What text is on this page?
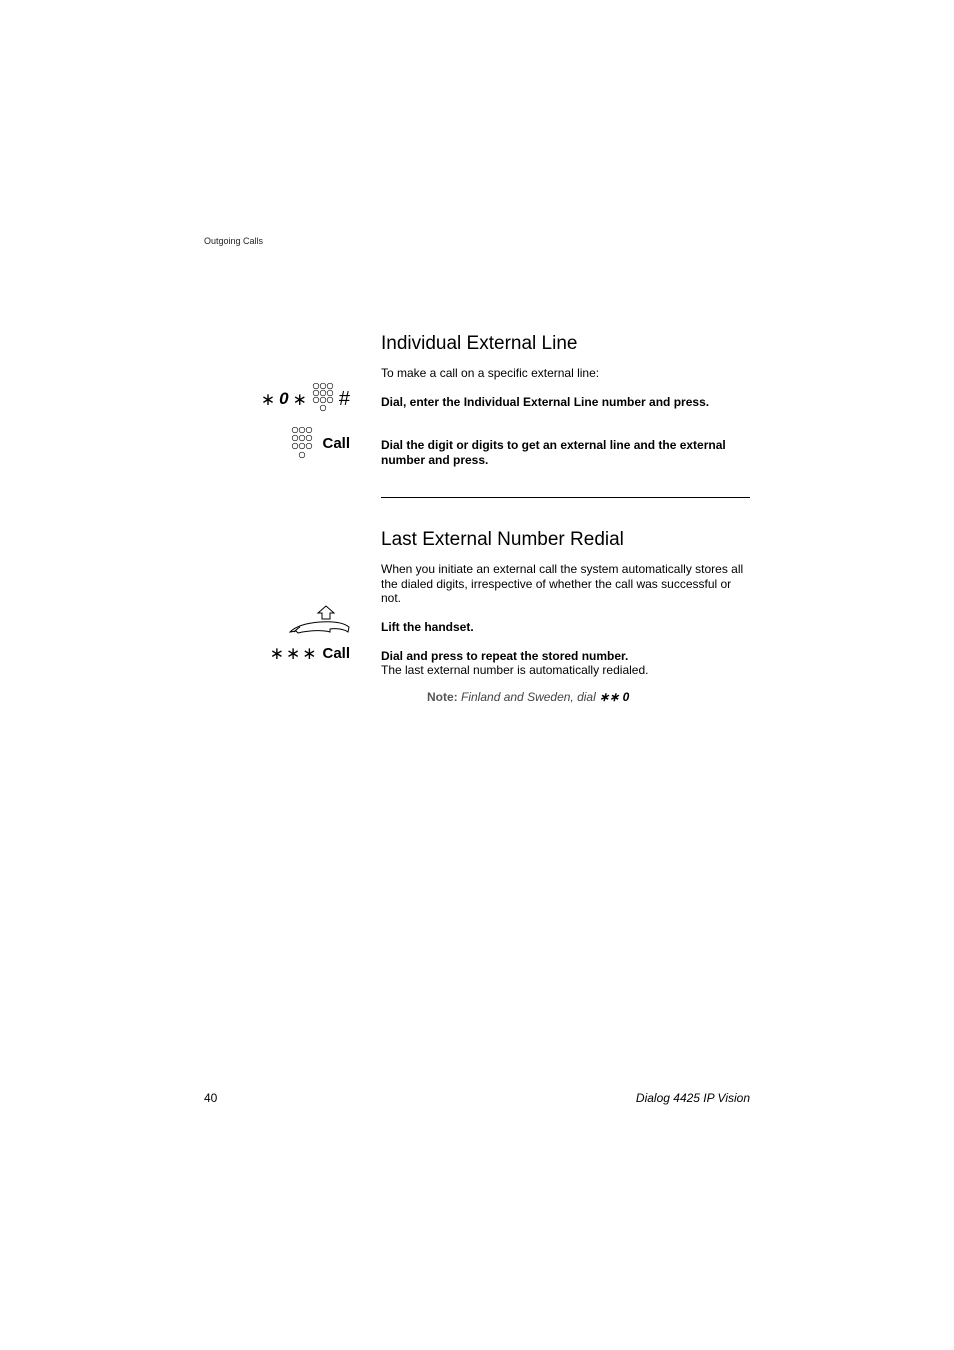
Outgoing Calls
Individual External Line
To make a call on a specific external line:
∗ 0 ∗ #	Dial, enter the Individual External Line number and press.
Call	Dial the digit or digits to get an external line and the external number and press.
Last External Number Redial
When you initiate an external call the system automatically stores all the dialed digits, irrespective of whether the call was successful or not.
Lift the handset.
∗∗∗ Call	Dial and press to repeat the stored number.
The last external number is automatically redialed.
Note: Finland and Sweden, dial ∗∗ 0
40	Dialog 4425 IP Vision
